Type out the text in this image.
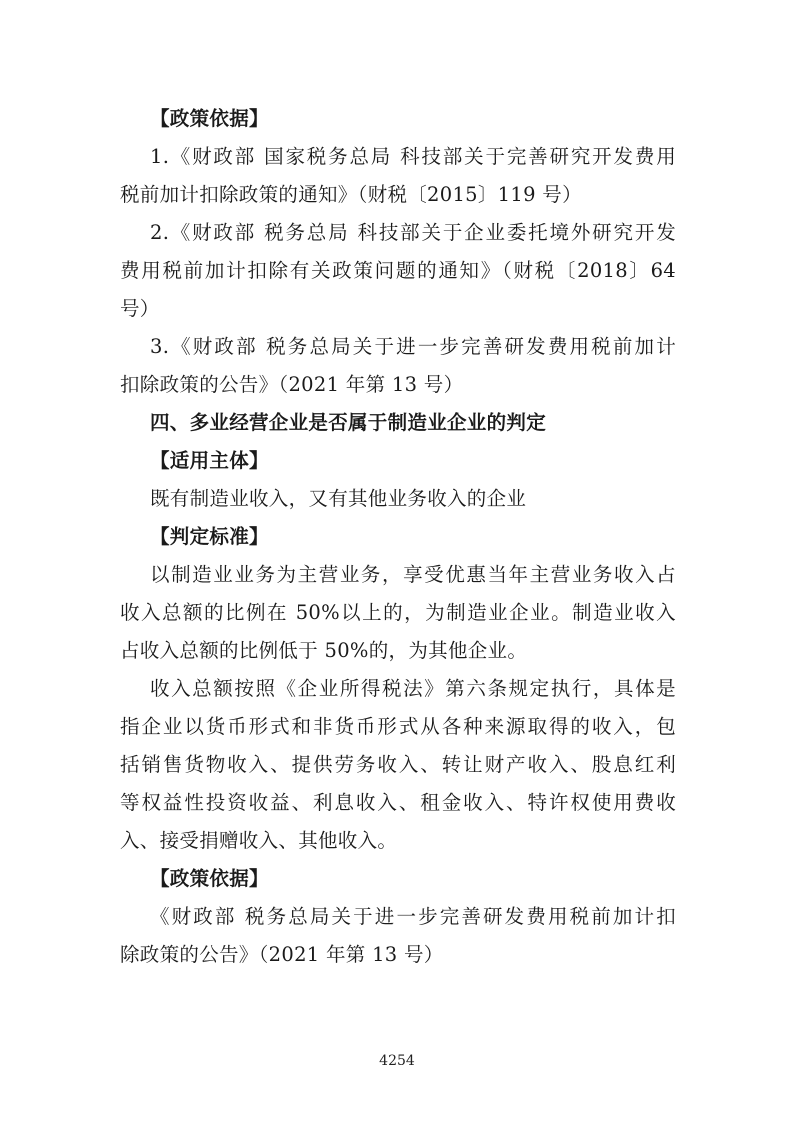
【政策依据】
1.《财政部 国家税务总局 科技部关于完善研究开发费用
税前加计扣除政策的通知》（财税〔2015〕119 号）
2.《财政部 税务总局 科技部关于企业委托境外研究开发
费用税前加计扣除有关政策问题的通知》（财税〔2018〕64
号）
3.《财政部 税务总局关于进一步完善研发费用税前加计
扣除政策的公告》（2021 年第 13 号）
四、多业经营企业是否属于制造业企业的判定
【适用主体】
既有制造业收入，又有其他业务收入的企业
【判定标准】
以制造业业务为主营业务，享受优惠当年主营业务收入占
收入总额的比例在 50%以上的，为制造业企业。制造业收入
占收入总额的比例低于 50%的，为其他企业。
收入总额按照《企业所得税法》第六条规定执行，具体是
指企业以货币形式和非货币形式从各种来源取得的收入，包
括销售货物收入、提供劳务收入、转让财产收入、股息红利
等权益性投资收益、利息收入、租金收入、特许权使用费收
入、接受捐赠收入、其他收入。
【政策依据】
《财政部 税务总局关于进一步完善研发费用税前加计扣
除政策的公告》（2021 年第 13 号）
4254
